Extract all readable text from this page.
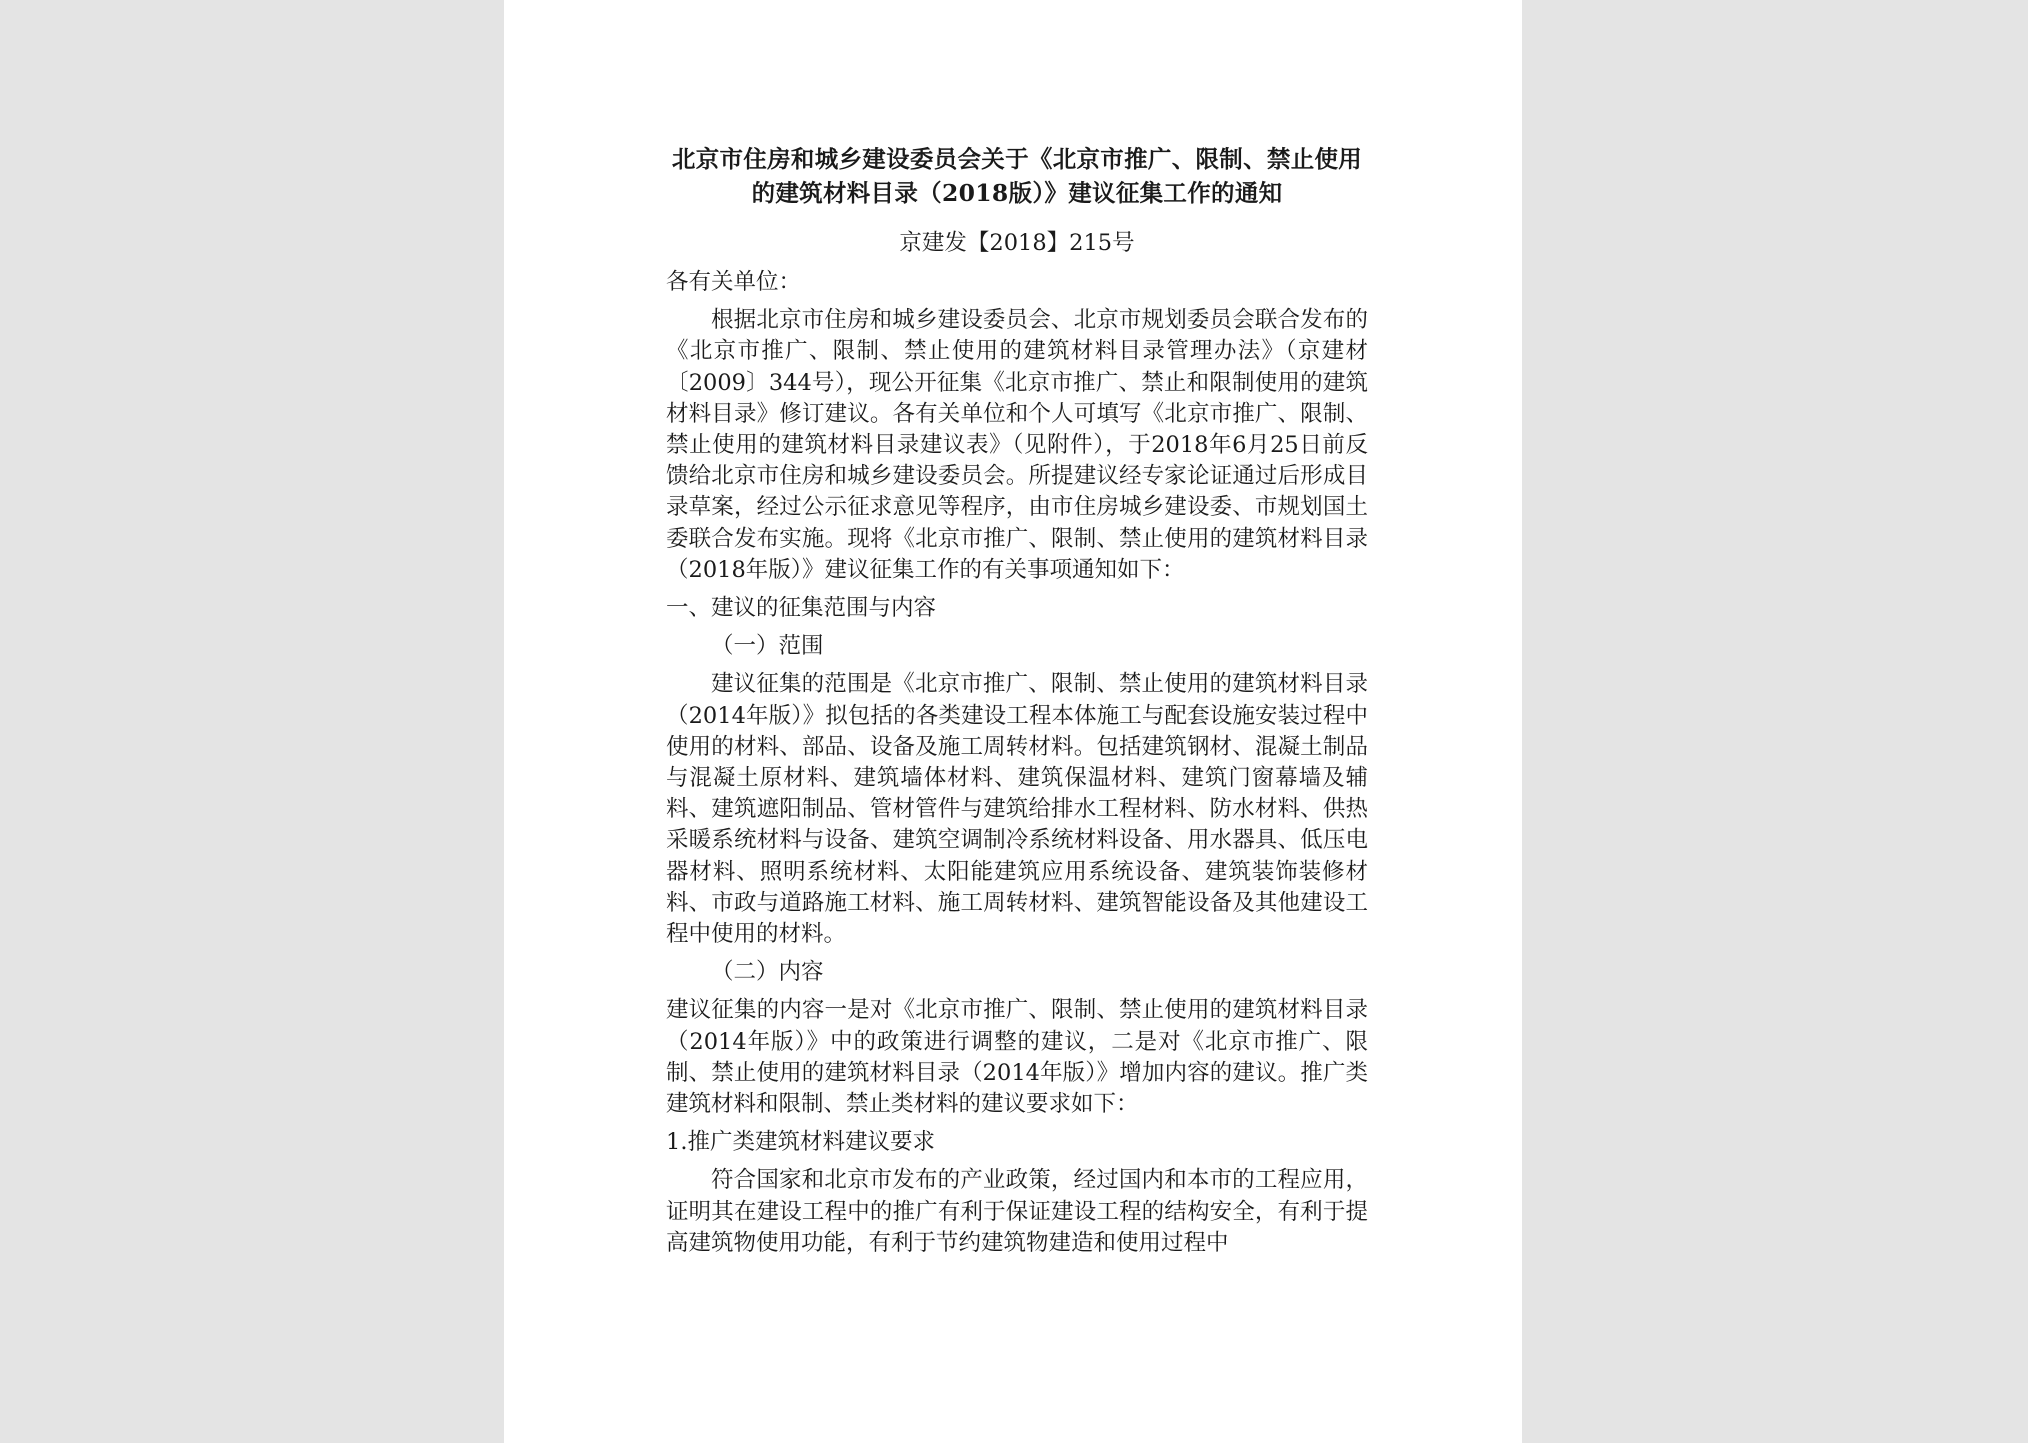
北京市住房和城乡建设委员会关于《北京市推广、限制、禁止使用
的建筑材料目录（2018版）》建议征集工作的通知

京建发【2018】215号

各有关单位：

根据北京市住房和城乡建设委员会、北京市规划委员会联合发布的《北京市推广、限制、禁止使用的建筑材料目录管理办法》（京建材〔2009〕344号），现公开征集《北京市推广、禁止和限制使用的建筑材料目录》修订建议。各有关单位和个人可填写《北京市推广、限制、禁止使用的建筑材料目录建议表》（见附件），于2018年6月25日前反馈给北京市住房和城乡建设委员会。所提建议经专家论证通过后形成目录草案，经过公示征求意见等程序，由市住房城乡建设委、市规划国土委联合发布实施。现将《北京市推广、限制、禁止使用的建筑材料目录（2018年版）》建议征集工作的有关事项通知如下：

一、建议的征集范围与内容

（一）范围

建议征集的范围是《北京市推广、限制、禁止使用的建筑材料目录（2014年版）》拟包括的各类建设工程本体施工与配套设施安装过程中使用的材料、部品、设备及施工周转材料。包括建筑钢材、混凝土制品与混凝土原材料、建筑墙体材料、建筑保温材料、建筑门窗幕墙及辅料、建筑遮阳制品、管材管件与建筑给排水工程材料、防水材料、供热采暖系统材料与设备、建筑空调制冷系统材料设备、用水器具、低压电器材料、照明系统材料、太阳能建筑应用系统设备、建筑装饰装修材料、市政与道路施工材料、施工周转材料、建筑智能设备及其他建设工程中使用的材料。

（二）内容

建议征集的内容一是对《北京市推广、限制、禁止使用的建筑材料目录（2014年版）》中的政策进行调整的建议，二是对《北京市推广、限制、禁止使用的建筑材料目录（2014年版）》增加内容的建议。推广类建筑材料和限制、禁止类材料的建议要求如下：

1.推广类建筑材料建议要求

符合国家和北京市发布的产业政策，经过国内和本市的工程应用，证明其在建设工程中的推广有利于保证建设工程的结构安全，有利于提高建筑物使用功能，有利于节约建筑物建造和使用过程中
